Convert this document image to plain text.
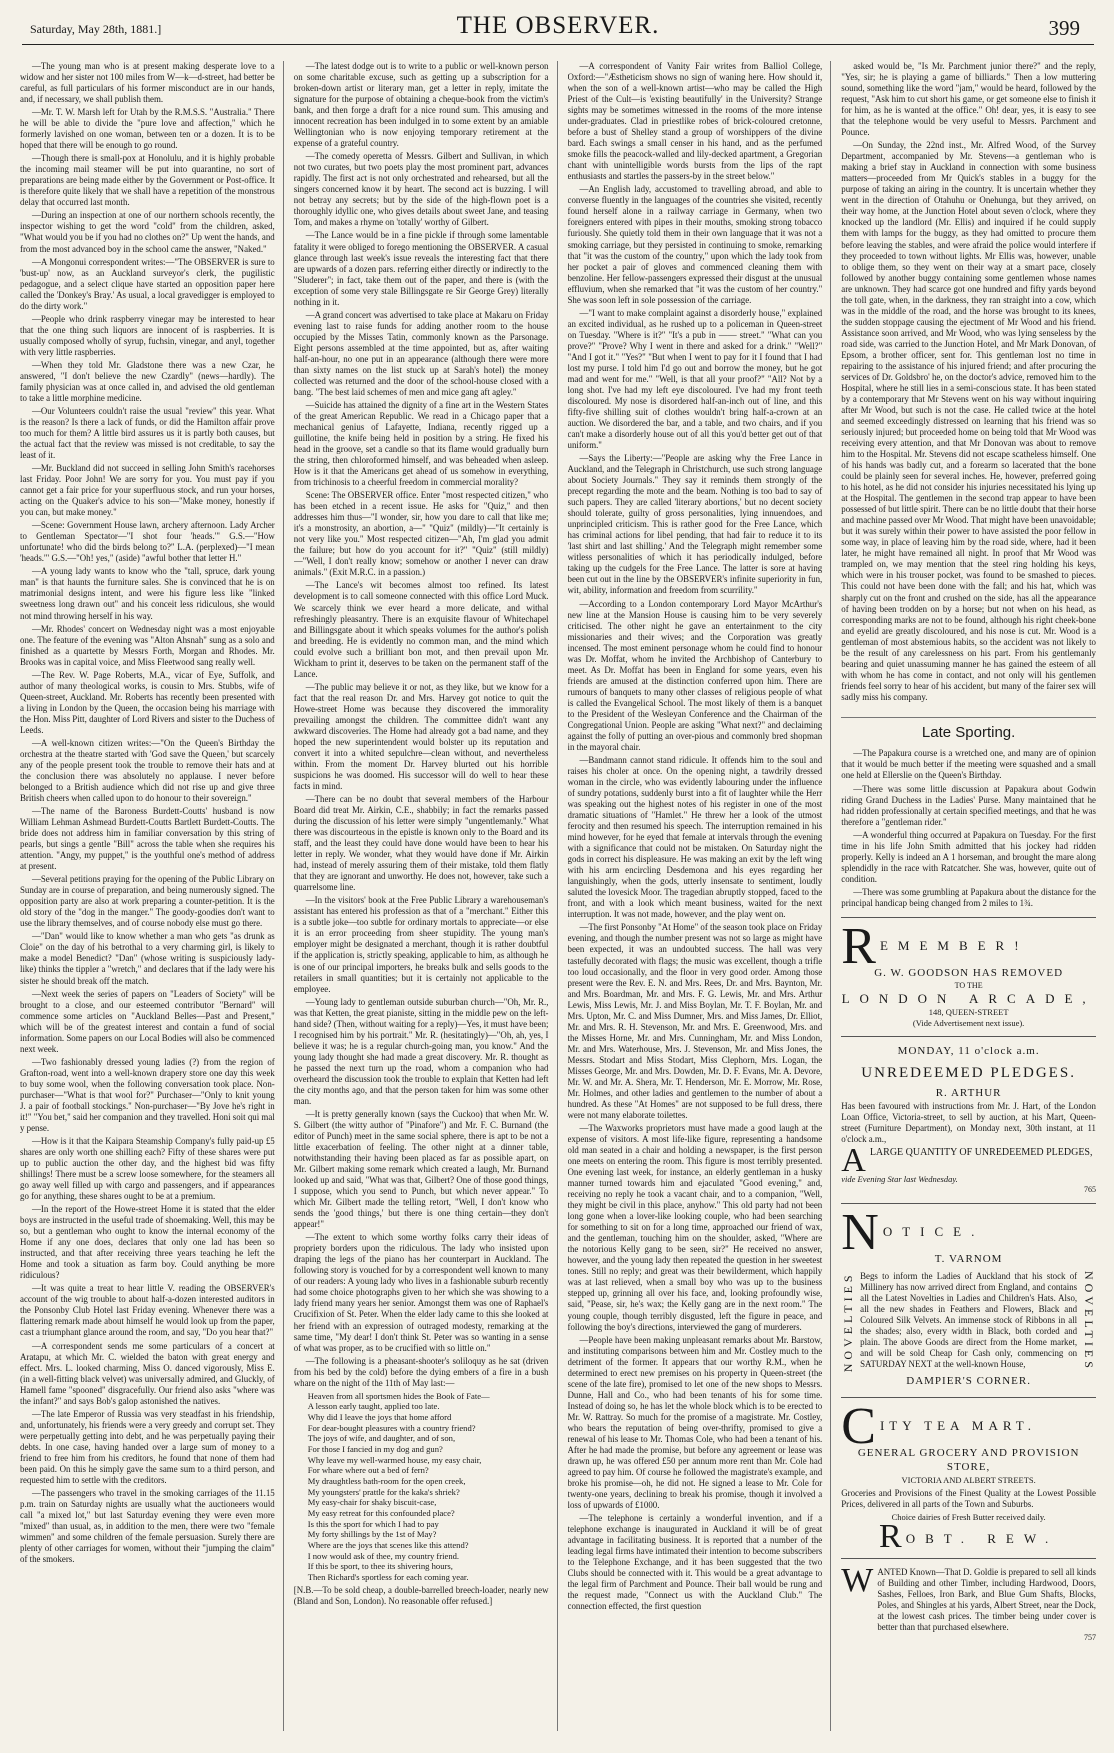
Saturday, May 28th, 1881.]	THE OBSERVER.	399

—The young man who is at present making desperate love to a widow and her sister not 100 miles from W—k—d-street, had better be careful, as full particulars of his former misconduct are in our hands, and, if necessary, we shall publish them.

—Mr. T. W. Marsh left for Utah by the R.M.S.S. "Australia." There he will be able to divide the "pure love and affection," which he formerly lavished on one woman, between ten or a dozen. It is to be hoped that there will be enough to go round.

—Though there is small-pox at Honolulu, and it is highly probable the incoming mail steamer will be put into quarantine, no sort of preparations are being made either by the Government or Post-office. It is therefore quite likely that we shall have a repetition of the monstrous delay that occurred last month.

—During an inspection at one of our northern schools recently, the inspector wishing to get the word "cold" from the children, asked, "What would you be if you had no clothes on?" Up went the hands, and from the most advanced boy in the school came the answer, "Naked."

—A Mongonui correspondent writes:—"The OBSERVER is sure to 'bust-up' now, as an Auckland surveyor's clerk, the pugilistic pedagogue, and a select clique have started an opposition paper here called the 'Donkey's Bray.' As usual, a local gravedigger is employed to do the dirty work."

—People who drink raspberry vinegar may be interested to hear that the one thing such liquors are innocent of is raspberries. It is usually composed wholly of syrup, fuchsin, vinegar, and anyl, together with very little raspberries.

—When they told Mr. Gladstone there was a new Czar, he answered, "I don't believe the new Czardly" (news—hardly). The family physician was at once called in, and advised the old gentleman to take a little morphine medicine.

—Our Volunteers couldn't raise the usual "review" this year. What is the reason? Is there a lack of funds, or did the Hamilton affair prove too much for them? A little bird assures us it is partly both causes, but the actual fact that the review was missed is not creditable, to say the least of it.

—Mr. Buckland did not succeed in selling John Smith's racehorses last Friday. Poor John! We are sorry for you. You must pay if you cannot get a fair price for your superfluous stock, and run your horses, acting on the Quaker's advice to his son—"Make money, honestly if you can, but make money."

—Scene: Government House lawn, archery afternoon. Lady Archer to Gentleman Spectator—"I shot four 'heads.'" G.S.—"How unfortunate! who did the birds belong to?" L.A. (perplexed)—"I mean 'heads.'" G.S.—"Oh! yes," (aside) "awful bother that letter H."

—A young lady wants to know who the "tall, spruce, dark young man" is that haunts the furniture sales. She is convinced that he is on matrimonial designs intent, and were his figure less like "linked sweetness long drawn out" and his conceit less ridiculous, she would not mind throwing herself in his way.

—Mr. Rhodes' concert on Wednesday night was a most enjoyable one. The feature of the evening was "Alton Ahsnah" sung as a solo and finished as a quartette by Messrs Forth, Morgan and Rhodes. Mr. Brooks was in capital voice, and Miss Fleetwood sang really well.

—The Rev. W. Page Roberts, M.A., vicar of Eye, Suffolk, and author of many theological works, is cousin to Mrs. Stubbs, wife of Queen-street, Auckland. Mr. Roberts has recently been presented with a living in London by the Queen, the occasion being his marriage with the Hon. Miss Pitt, daughter of Lord Rivers and sister to the Duchess of Leeds.

—A well-known citizen writes:—"On the Queen's Birthday the orchestra at the theatre started with 'God save the Queen,' but scarcely any of the people present took the trouble to remove their hats and at the conclusion there was absolutely no applause. I never before belonged to a British audience which did not rise up and give three British cheers when called upon to do honour to their sovereign."

—The name of the Baroness Burdett-Coutts' husband is now William Lehman Ashmead Burdett-Coutts Bartlett Burdett-Coutts. The bride does not address him in familiar conversation by this string of pearls, but sings a gentle "Bill" across the table when she requires his attention. "Angy, my puppet," is the youthful one's method of address at present.

—Several petitions praying for the opening of the Public Library on Sunday are in course of preparation, and being numerously signed. The opposition party are also at work preparing a counter-petition. It is the old story of the "dog in the manger." The goody-goodies don't want to use the library themselves, and of course nobody else must go there.

—"Dan" would like to know whether a man who gets "as drunk as Cloie" on the day of his betrothal to a very charming girl, is likely to make a model Benedict? "Dan" (whose writing is suspiciously lady-like) thinks the tippler a "wretch," and declares that if the lady were his sister he should break off the match.

—Next week the series of papers on "Leaders of Society" will be brought to a close, and our esteemed contributor "Bernard" will commence some articles on "Auckland Belles—Past and Present," which will be of the greatest interest and contain a fund of social information. Some papers on our Local Bodies will also be commenced next week.

—Two fashionably dressed young ladies (?) from the region of Grafton-road, went into a well-known drapery store one day this week to buy some wool, when the following conversation took place. Non-purchaser—"What is that wool for?" Purchaser—"Only to knit young J. a pair of football stockings." Non-purchaser—"By Jove he's right in it!" "You bet," said her companion and they travelled. Honi soit qui mal y pense.

—How is it that the Kaipara Steamship Company's fully paid-up £5 shares are only worth one shilling each? Fifty of these shares were put up to public auction the other day, and the highest bid was fifty shillings! There must be a screw loose somewhere, for the steamers all go away well filled up with cargo and passengers, and if appearances go for anything, these shares ought to be at a premium.

—In the report of the Howe-street Home it is stated that the elder boys are instructed in the useful trade of shoemaking. Well, this may be so, but a gentleman who ought to know the internal economy of the Home if any one does, declares that only one lad has been so instructed, and that after receiving three years teaching he left the Home and took a situation as farm boy. Could anything be more ridiculous?

—It was quite a treat to hear little V. reading the OBSERVER's account of the wig trouble to about half-a-dozen interested auditors in the Ponsonby Club Hotel last Friday evening. Whenever there was a flattering remark made about himself he would look up from the paper, cast a triumphant glance around the room, and say, "Do you hear that?"

—A correspondent sends me some particulars of a concert at Aratapu, at which Mr. C. wielded the baton with great energy and effect. Mrs. L. looked charming, Miss O. danced vigorously, Miss E. (in a well-fitting black velvet) was universally admired, and Gluckly, of Hamell fame "spooned" disgracefully. Our friend also asks "where was the infant?" and says Bob's galop astonished the natives.

—The late Emperor of Russia was very steadfast in his friendship, and, unfortunately, his friends were a very greedy and corrupt set. They were perpetually getting into debt, and he was perpetually paying their debts. In one case, having handed over a large sum of money to a friend to free him from his creditors, he found that none of them had been paid. On this he simply gave the same sum to a third person, and requested him to settle with the creditors.

—The passengers who travel in the smoking carriages of the 11.15 p.m. train on Saturday nights are usually what the auctioneers would call "a mixed lot," but last Saturday evening they were even more "mixed" than usual, as, in addition to the men, there were two "female wimmen" and some children of the female persuasion. Surely there are plenty of other carriages for women, without their "jumping the claim" of the smokers.

—The latest dodge out is to write to a public or well-known person on some charitable excuse, such as getting up a subscription for a broken-down artist or literary man, get a letter in reply, imitate the signature for the purpose of obtaining a cheque-book from the victim's bank, and then forge a draft for a nice round sum. This amusing and innocent recreation has been indulged in to some extent by an amiable Wellingtonian who is now enjoying temporary retirement at the expense of a grateful country.

—The comedy operetta of Messrs. Gilbert and Sullivan, in which not two curates, but two poets play the most prominent part, advances rapidly. The first act is not only orchestrated and rehearsed, but all the singers concerned know it by heart. The second act is buzzing. I will not betray any secrets; but by the side of the high-flown poet is a thoroughly idyllic one, who gives details about sweet Jane, and teasing Tom, and makes a rhyme on 'totally' worthy of Gilbert.

—The Lance would be in a fine pickle if through some lamentable fatality it were obliged to forego mentioning the OBSERVER. A casual glance through last week's issue reveals the interesting fact that there are upwards of a dozen pars. referring either directly or indirectly to the "Sluderer"; in fact, take them out of the paper, and there is (with the exception of some very stale Billingsgate re Sir George Grey) literally nothing in it.

—A grand concert was advertised to take place at Makaru on Friday evening last to raise funds for adding another room to the house occupied by the Misses Tatin, commonly known as the Parsonage. Eight persons assembled at the time appointed, but as, after waiting half-an-hour, no one put in an appearance (although there were more than sixty names on the list stuck up at Sarah's hotel) the money collected was returned and the door of the school-house closed with a bang. "The best laid schemes of men and mice gang aft agley."

—Suicide has attained the dignity of a fine art in the Western States of the great American Republic. We read in a Chicago paper that a mechanical genius of Lafayette, Indiana, recently rigged up a guillotine, the knife being held in position by a string. He fixed his head in the groove, set a candle so that its flame would gradually burn the string, then chloroformed himself, and was beheaded when asleep. How is it that the Americans get ahead of us somehow in everything, from trichinosis to a cheerful freedom in commercial morality?

Scene: The OBSERVER office. Enter "most respected citizen," who has been etched in a recent issue. He asks for "Quiz," and then addresses him thus—"I wonder, sir, how you dare to call that like me; it's a monstrosity, an abortion, a—" "Quiz" (mildly)—"It certainly is not very like you." Most respected citizen—"Ah, I'm glad you admit the failure; but how do you account for it?" "Quiz" (still mildly)—"Well, I don't really know; somehow or another I never can draw animals." (Exit M.R.C. in a passion.)

—The Lance's wit becomes almost too refined. Its latest development is to call someone connected with this office Lord Muck. We scarcely think we ever heard a more delicate, and withal refreshingly pleasantry. There is an exquisite flavour of Whitechapel and Billingsgate about it which speaks volumes for the author's polish and breeding. He is evidently no common man, and the mind which could evolve such a brilliant bon mot, and then prevail upon Mr. Wickham to print it, deserves to be taken on the permanent staff of the Lance.

—The public may believe it or not, as they like, but we know for a fact that the real reason Dr. and Mrs. Harvey got notice to quit the Howe-street Home was because they discovered the immorality prevailing amongst the children. The committee didn't want any awkward discoveries. The Home had already got a bad name, and they hoped the new superintendent would bolster up its reputation and convert it into a whited sepulchre—clean without, and nevertheless within. From the moment Dr. Harvey blurted out his horrible suspicions he was doomed. His successor will do well to hear these facts in mind.

—There can be no doubt that several members of the Harbour Board did treat Mr. Airkin, C.E., shabbily; in fact the remarks passed during the discussion of his letter were simply "ungentlemanly." What there was discourteous in the epistle is known only to the Board and its staff, and the least they could have done would have been to hear his letter in reply. We wonder, what they would have done if Mr. Airkin had, instead of merely assuring them of their mistake, told them flatly that they are ignorant and unworthy. He does not, however, take such a quarrelsome line.

—In the visitors' book at the Free Public Library a warehouseman's assistant has entered his profession as that of a "merchant." Either this is a subtle joke—too subtle for ordinary mortals to appreciate—or else it is an error proceeding from sheer stupidity. The young man's employer might be designated a merchant, though it is rather doubtful if the application is, strictly speaking, applicable to him, as although he is one of our principal importers, he breaks bulk and sells goods to the retailers in small quantities; but it is certainly not applicable to the employee.

—Young lady to gentleman outside suburban church—"Oh, Mr. R., was that Ketten, the great pianiste, sitting in the middle pew on the left-hand side? (Then, without waiting for a reply)—Yes, it must have been; I recognised him by his portrait." Mr. R. (hesitatingly)—"Oh, ah, yes, I believe it was; he is a regular church-going man, you know." And the young lady thought she had made a great discovery. Mr. R. thought as he passed the next turn up the road, whom a companion who had overheard the discussion took the trouble to explain that Ketten had left the city months ago, and that the person taken for him was some other man.

—It is pretty generally known (says the Cuckoo) that when Mr. W. S. Gilbert (the witty author of "Pinafore") and Mr. F. C. Burnand (the editor of Punch) meet in the same social sphere, there is apt to be not a little exacerbation of feeling. The other night at a dinner table, notwithstanding their having been placed as far as possible apart, on Mr. Gilbert making some remark which created a laugh, Mr. Burnand looked up and said, "What was that, Gilbert? One of those good things, I suppose, which you send to Punch, but which never appear." To which Mr. Gilbert made the telling retort, "Well, I don't know who sends the 'good things,' but there is one thing certain—they don't appear!"

—The extent to which some worthy folks carry their ideas of propriety borders upon the ridiculous. The lady who insisted upon draping the legs of the piano has her counterpart in Auckland. The following story is vouched for by a correspondent well known to many of our readers: A young lady who lives in a fashionable suburb recently had some choice photographs given to her which she was showing to a lady friend many years her senior. Amongst them was one of Raphael's Crucifixion of St. Peter. When the elder lady came to this she looked at her friend with an expression of outraged modesty, remarking at the same time, "My dear! I don't think St. Peter was so wanting in a sense of what was proper, as to be crucified with so little on."

—The following is a pheasant-shooter's soliloquy as he sat (driven from his bed by the cold) before the dying embers of a fire in a bush whare on the night of the 11th of May last:—

Heaven from all sportsmen hides the Book of Fate—
A lesson early taught, applied too late.
Why did I leave the joys that home afford
For dear-bought pleasures with a country friend?
The joys of wife, and daughter, and of son,
For those I fancied in my dog and gun?
Why leave my well-warmed house, my easy chair,
For whare where out a bed of fern?
My draughtless bath-room for the open creek,
My youngsters' prattle for the kaka's shriek?
My easy-chair for shaky biscuit-case,
My easy retreat for this confounded place?
Is this the sport for which I had to pay
My forty shillings by the 1st of May?
Where are the joys that scenes like this attend?
I now would ask of thee, my country friend.
If this be sport, to thee its shivering hours,
Then Richard's sportless for each coming year.

[N.B.—To be sold cheap, a double-barrelled breech-loader, nearly new (Bland and Son, London). No reasonable offer refused.]

—A correspondent of Vanity Fair writes from Balliol College, Oxford:—"Æstheticism shows no sign of waning here. How should it, when the son of a well-known artist—who may be called the High Priest of the Cult—is 'existing beautifully' in the University? Strange sights may be sometimes witnessed in the rooms of the more intense under-graduates. Clad in priestlike robes of brick-coloured cretonne, before a bust of Shelley stand a group of worshippers of the divine bard. Each swings a small censer in his hand, and as the perfumed smoke fills the peacock-walled and lily-decked apartment, a Gregorian chant with unintelligible words bursts from the lips of the rapt enthusiasts and startles the passers-by in the street below."

—An English lady, accustomed to travelling abroad, and able to converse fluently in the languages of the countries she visited, recently found herself alone in a railway carriage in Germany, when two foreigners entered with pipes in their mouths, smoking strong tobacco furiously. She quietly told them in their own language that it was not a smoking carriage, but they persisted in continuing to smoke, remarking that "it was the custom of the country," upon which the lady took from her pocket a pair of gloves and commenced cleaning them with benzoline. Her fellow-passengers expressed their disgust at the unusual effluvium, when she remarked that "it was the custom of her country." She was soon left in sole possession of the carriage.

—"I want to make complaint against a disorderly house," explained an excited individual, as he rushed up to a policeman in Queen-street on Tuesday. "Where is it?" "It's a pub in —— street." "What can you prove?" "Prove? Why I went in there and asked for a drink." "Well?" "And I got it." "Yes?" "But when I went to pay for it I found that I had lost my purse. I told him I'd go out and borrow the money, but he got mad and went for me." "Well, is that all your proof?" "All? Not by a long shot. I've had my left eye discoloured. I've had my front teeth discoloured. My nose is disordered half-an-inch out of line, and this fifty-five shilling suit of clothes wouldn't bring half-a-crown at an auction. We disordered the bar, and a table, and two chairs, and if you can't make a disorderly house out of all this you'd better get out of that uniform."

—Says the Liberty:—"People are asking why the Free Lance in Auckland, and the Telegraph in Christchurch, use such strong language about Society Journals." They say it reminds them strongly of the precept regarding the mote and the beam. Nothing is too bad to say of such papers. They are called 'literary abortions,' but no decent society should tolerate, guilty of gross personalities, lying innuendoes, and unprincipled criticism. This is rather good for the Free Lance, which has criminal actions for libel pending, that had fair to reduce it to its 'last shirt and last shilling.' And the Telegraph might remember some witless personalities of which it has periodically indulged, before taking up the cudgels for the Free Lance. The latter is sore at having been cut out in the line by the OBSERVER's infinite superiority in fun, wit, ability, information and freedom from scurrility."

—According to a London contemporary Lord Mayor McArthur's new line at the Mansion House is causing him to be very severely criticised. The other night he gave an entertainment to the city missionaries and their wives; and the Corporation was greatly incensed. The most eminent personage whom he could find to honour was Dr. Moffat, whom he invited the Archbishop of Canterbury to meet. As Dr. Moffat has been in England for some years, even his friends are amused at the distinction conferred upon him. There are rumours of banquets to many other classes of religious people of what is called the Evangelical School. The most likely of them is a banquet to the President of the Wesleyan Conference and the Chairman of the Congregational Union. People are asking "What next?" and declaiming against the folly of putting an over-pious and commonly bred shopman in the mayoral chair.

—Bandmann cannot stand ridicule. It offends him to the soul and raises his choler at once. On the opening night, a tawdrily dressed woman in the circle, who was evidently labouring under the influence of sundry potations, suddenly burst into a fit of laughter while the Herr was speaking out the highest notes of his register in one of the most dramatic situations of "Hamlet." He threw her a look of the utmost ferocity and then resumed his speech. The interruption remained in his mind however, for he eyed that female at intervals through the evening with a significance that could not be mistaken. On Saturday night the gods in correct his displeasure. He was making an exit by the left wing with his arm encircling Desdemona and his eyes regarding her languishingly, when the gods, utterly insensate to sentiment, loudly saluted the lovesick Moor. The tragedian abruptly stopped, faced to the front, and with a look which meant business, waited for the next interruption. It was not made, however, and the play went on.

—The first Ponsonby "At Home" of the season took place on Friday evening, and though the number present was not so large as might have been expected, it was an undoubted success. The hall was very tastefully decorated with flags; the music was excellent, though a trifle too loud occasionally, and the floor in very good order. Among those present were the Rev. E. N. and Mrs. Rees, Dr. and Mrs. Baynton, Mr. and Mrs. Boardman, Mr. and Mrs. F. G. Lewis, Mr. and Mrs. Arthur Lewis, Miss Lewis, Mr. J. and Miss Boylan, Mr. T. F. Boylan, Mr. and Mrs. Upton, Mr. C. and Miss Dumner, Mrs. and Miss James, Dr. Elliot, Mr. and Mrs. R. H. Stevenson, Mr. and Mrs. E. Greenwood, Mrs. and the Misses Horne, Mr. and Mrs. Cunningham, Mr. and Miss London, Mr. and Mrs. Waterhouse, Mrs. J. Stevenson, Mr. and Miss Jones, the Messrs. Stodart and Miss Stodart, Miss Clephorn, Mrs. Logan, the Misses George, Mr. and Mrs. Dowden, Mr. D. F. Evans, Mr. A. Devore, Mr. W. and Mr. A. Shera, Mr. T. Henderson, Mr. E. Morrow, Mr. Rose, Mr. Holmes, and other ladies and gentlemen to the number of about a hundred. As these "At Homes" are not supposed to be full dress, there were not many elaborate toilettes.

—The Waxworks proprietors must have made a good laugh at the expense of visitors. A most life-like figure, representing a handsome old man seated in a chair and holding a newspaper, is the first person one meets on entering the room. This figure is most terribly presented. One evening last week, for instance, an elderly gentleman in a husky manner turned towards him and ejaculated "Good evening," and, receiving no reply he took a vacant chair, and to a companion, "Well, they might be civil in this place, anyhow." This old party had not been long gone when a lover-like looking couple, who had been searching for something to sit on for a long time, approached our friend of wax, and the gentleman, touching him on the shoulder, asked, "Where are the notorious Kelly gang to be seen, sir?" He received no answer, however, and the young lady then repeated the question in her sweetest tones. Still no reply; and great was their bewilderment, which happily was at last relieved, when a small boy who was up to the business stepped up, grinning all over his face, and, looking profoundly wise, said, "Pease, sir, he's wax; the Kelly gang are in the next room." The young couple, though terribly disgusted, left the figure in peace, and following the boy's directions, interviewed the gang of murderers.

—People have been making unpleasant remarks about Mr. Barstow, and instituting comparisons between him and Mr. Costley much to the detriment of the former. It appears that our worthy R.M., when he determined to erect new premises on his property in Queen-street (the scene of the late fire), promised to let one of the new shops to Messrs. Dunne, Hall and Co., who had been tenants of his for some time. Instead of doing so, he has let the whole block which is to be erected to Mr. W. Rattray. So much for the promise of a magistrate. Mr. Costley, who bears the reputation of being over-thrifty, promised to give a renewal of his lease to Mr. Thomas Cole, who had been a tenant of his. After he had made the promise, but before any agreement or lease was drawn up, he was offered £50 per annum more rent than Mr. Cole had agreed to pay him. Of course he followed the magistrate's example, and broke his promise—oh, he did not. He signed a lease to Mr. Cole for twenty-one years, declining to break his promise, though it involved a loss of upwards of £1000.

—The telephone is certainly a wonderful invention, and if a telephone exchange is inaugurated in Auckland it will be of great advantage in facilitating business. It is reported that a number of the leading legal firms have intimated their intention to become subscribers to the Telephone Exchange, and it has been suggested that the two Clubs should be connected with it. This would be a great advantage to the legal firm of Parchment and Pounce. Their ball would be rung and the request made, "Connect us with the Auckland Club." The connection effected, the first question

asked would be, "Is Mr. Parchment junior there?" and the reply, "Yes, sir; he is playing a game of billiards." Then a low muttering sound, something like the word "jam," would be heard, followed by the request, "Ask him to cut short his game, or get someone else to finish it for him, as he is wanted at the office." Oh! dear, yes, it is easy to see that the telephone would be very useful to Messrs. Parchment and Pounce.

—On Sunday, the 22nd inst., Mr. Alfred Wood, of the Survey Department, accompanied by Mr. Stevens—a gentleman who is making a brief stay in Auckland in connection with some business matters—proceeded from Mr Quick's stables in a buggy for the purpose of taking an airing in the country. It is uncertain whether they went in the direction of Otahuhu or Onehunga, but they arrived, on their way home, at the Junction Hotel about seven o'clock, where they knocked up the landlord (Mr. Ellis) and inquired if he could supply them with lamps for the buggy, as they had omitted to procure them before leaving the stables, and were afraid the police would interfere if they proceeded to town without lights. Mr Ellis was, however, unable to oblige them, so they went on their way at a smart pace, closely followed by another buggy containing some gentlemen whose names are unknown. They had scarce got one hundred and fifty yards beyond the toll gate, when, in the darkness, they ran straight into a cow, which was in the middle of the road, and the horse was brought to its knees, the sudden stoppage causing the ejectment of Mr Wood and his friend. Assistance soon arrived, and Mr Wood, who was lying senseless by the road side, was carried to the Junction Hotel, and Mr Mark Donovan, of Epsom, a brother officer, sent for. This gentleman lost no time in repairing to the assistance of his injured friend; and after procuring the services of Dr. Goldsbro' he, on the doctor's advice, removed him to the Hospital, where he still lies in a semi-conscious state. It has been stated by a contemporary that Mr Stevens went on his way without inquiring after Mr Wood, but such is not the case. He called twice at the hotel and seemed exceedingly distressed on learning that his friend was so seriously injured; but proceeded home on being told that Mr Wood was receiving every attention, and that Mr Donovan was about to remove him to the Hospital. Mr. Stevens did not escape scatheless himself. One of his hands was badly cut, and a forearm so lacerated that the bone could be plainly seen for several inches. He, however, preferred going to his hotel, as he did not consider his injuries necessitated his lying up at the Hospital. The gentlemen in the second trap appear to have been possessed of but little spirit. There can be no little doubt that their horse and machine passed over Mr Wood. That might have been unavoidable; but it was surely within their power to have assisted the poor fellow in some way, in place of leaving him by the road side, where, had it been later, he might have remained all night. In proof that Mr Wood was trampled on, we may mention that the steel ring holding his keys, which were in his trouser pocket, was found to be smashed to pieces. This could not have been done with the fall; and his hat, which was sharply cut on the front and crushed on the side, has all the appearance of having been trodden on by a horse; but not when on his head, as corresponding marks are not to be found, although his right cheek-bone and eyelid are greatly discoloured, and his nose is cut. Mr. Wood is a gentleman of most abstemious habits, so the accident was not likely to be the result of any carelessness on his part. From his gentlemanly bearing and quiet unassuming manner he has gained the esteem of all with whom he has come in contact, and not only will his gentlemen friends feel sorry to hear of his accident, but many of the fairer sex will sadly miss his company.

Late Sporting.

—The Papakura course is a wretched one, and many are of opinion that it would be much better if the meeting were squashed and a small one held at Ellerslie on the Queen's Birthday.

—There was some little discussion at Papakura about Godwin riding Grand Duchess in the Ladies' Purse. Many maintained that he had ridden professionally at certain specified meetings, and that he was therefore a "gentleman rider."

—A wonderful thing occurred at Papakura on Tuesday. For the first time in his life John Smith admitted that his jockey had ridden properly. Kelly is indeed an A 1 horseman, and brought the mare along splendidly in the race with Ratcatcher. She was, however, quite out of condition.

—There was some grumbling at Papakura about the distance for the principal handicap being changed from 2 miles to 1¾.

R EMEMBER!
G. W. GOODSON HAS REMOVED
TO THE
LONDON ARCADE,
148, QUEEN-STREET
(Vide Advertisement next issue).
MONDAY, 11 o'clock a.m.
UNREDEEMED PLEDGES.
R. ARTHUR

Has been favoured with instructions from Mr. J. Hart, of the London Loan Office, Victoria-street, to sell by auction, at his Mart, Queen-street (Furniture Department), on Monday next, 30th instant, at 11 o'clock a.m.,

A LARGE QUANTITY OF UNREDEEMED PLEDGES,
vide Evening Star last Wednesday.
765
N OTICE.
T. VARNOM
NOVELTIES Begs to inform the Ladies of Auckland that his stock of Millinery has now arrived direct from England, and contains all the Latest Novelties in Ladies and Children's Hats. Also, all the new shades in Feathers and Flowers, Black and Coloured Silk Velvets. An immense stock of Ribbons in all the shades; also, every width in Black, both corded and plain. The above Goods are direct from the Home market, and will be sold Cheap for Cash only, commencing on SATURDAY NEXT at the well-known House,	NOVELTIES
DAMPIER'S CORNER.
C ITY TEA MART.
GENERAL GROCERY AND PROVISION STORE,
VICTORIA AND ALBERT STREETS.

Groceries and Provisions of the Finest Quality at the Lowest Possible Prices, delivered in all parts of the Town and Suburbs.

Choice dairies of Fresh Butter received daily.
R OBT. REW.
W ANTED Known—That D. Goldie is prepared to sell all kinds of Building and other Timber, including Hardwood, Doors, Sashes, Felloes, Iron Bark, and Blue Gum Shafts, Blocks, Poles, and Shingles at his yards, Albert Street, near the Dock, at the lowest cash prices. The timber being under cover is better than that purchased elsewhere.
757
